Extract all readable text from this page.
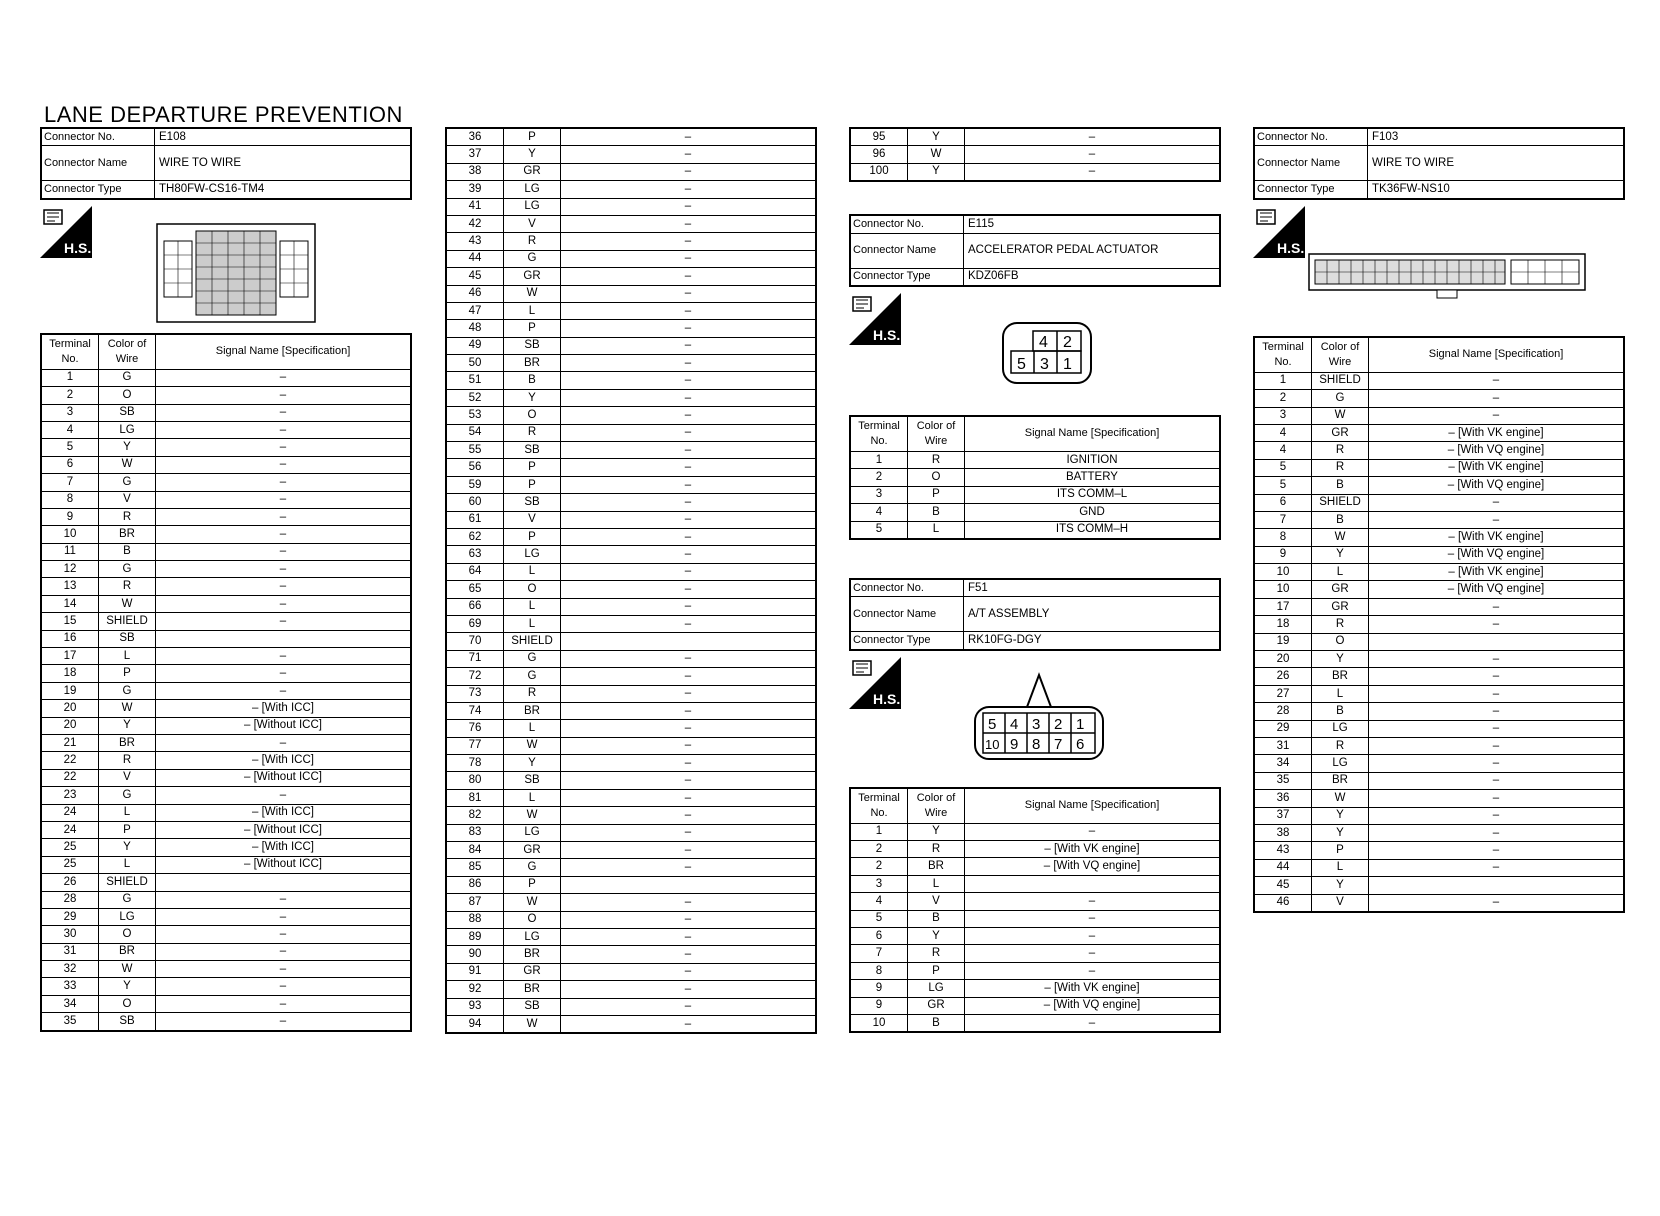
LANE DEPARTURE PREVENTION
Connector No.	E108
Connector Name	WIRE TO WIRE
Connector Type	TH80FW-CS16-TM4
H.S.
Terminal No.	Color of Wire	Signal Name [Specification]
1	G	–
2	O	–
3	SB	–
4	LG	–
5	Y	–
6	W	–
7	G	–
8	V	–
9	R	–
10	BR	–
11	B	–
12	G	–
13	R	–
14	W	–
15	SHIELD	–
16	SB	
17	L	–
18	P	–
19	G	–
20	W	– [With ICC]
20	Y	– [Without ICC]
21	BR	–
22	R	– [With ICC]
22	V	– [Without ICC]
23	G	–
24	L	– [With ICC]
24	P	– [Without ICC]
25	Y	– [With ICC]
25	L	– [Without ICC]
26	SHIELD	
28	G	–
29	LG	–
30	O	–
31	BR	–
32	W	–
33	Y	–
34	O	–
35	SB	–
36	P	–
37	Y	–
38	GR	–
39	LG	–
41	LG	–
42	V	–
43	R	–
44	G	–
45	GR	–
46	W	–
47	L	–
48	P	–
49	SB	–
50	BR	–
51	B	–
52	Y	–
53	O	–
54	R	–
55	SB	–
56	P	–
59	P	–
60	SB	–
61	V	–
62	P	–
63	LG	–
64	L	–
65	O	–
66	L	–
69	L	–
70	SHIELD	
71	G	–
72	G	–
73	R	–
74	BR	–
76	L	–
77	W	–
78	Y	–
80	SB	–
81	L	–
82	W	–
83	LG	–
84	GR	–
85	G	–
86	P	
87	W	–
88	O	–
89	LG	–
90	BR	–
91	GR	–
92	BR	–
93	SB	–
94	W	–
95	Y	–
96	W	–
100	Y	–
Connector No.	E115
Connector Name	ACCELERATOR PEDAL ACTUATOR
Connector Type	KDZ06FB
H.S.	4 2
5 3 1
Terminal No.	Color of Wire	Signal Name [Specification]
1	R	IGNITION
2	O	BATTERY
3	P	ITS COMM–L
4	B	GND
5	L	ITS COMM–H
Connector No.	F51
Connector Name	A/T ASSEMBLY
Connector Type	RK10FG-DGY
H.S.
5 4 3 2 1
10 9 8 7 6
Terminal No.	Color of Wire	Signal Name [Specification]
1	Y	–
2	R	– [With VK engine]
2	BR	– [With VQ engine]
3	L	
4	V	–
5	B	–
6	Y	–
7	R	–
8	P	–
9	LG	– [With VK engine]
9	GR	– [With VQ engine]
10	B	–
Connector No.	F103
Connector Name	WIRE TO WIRE
Connector Type	TK36FW-NS10
H.S.
Terminal No.	Color of Wire	Signal Name [Specification]
1	SHIELD	–
2	G	–
3	W	–
4	GR	– [With VK engine]
4	R	– [With VQ engine]
5	R	– [With VK engine]
5	B	– [With VQ engine]
6	SHIELD	–
7	B	–
8	W	– [With VK engine]
9	Y	– [With VQ engine]
10	L	– [With VK engine]
10	GR	– [With VQ engine]
17	GR	–
18	R	–
19	O	
20	Y	–
26	BR	–
27	L	–
28	B	–
29	LG	–
31	R	–
34	LG	–
35	BR	–
36	W	–
37	Y	–
38	Y	–
43	P	–
44	L	–
45	Y	
46	V	–
